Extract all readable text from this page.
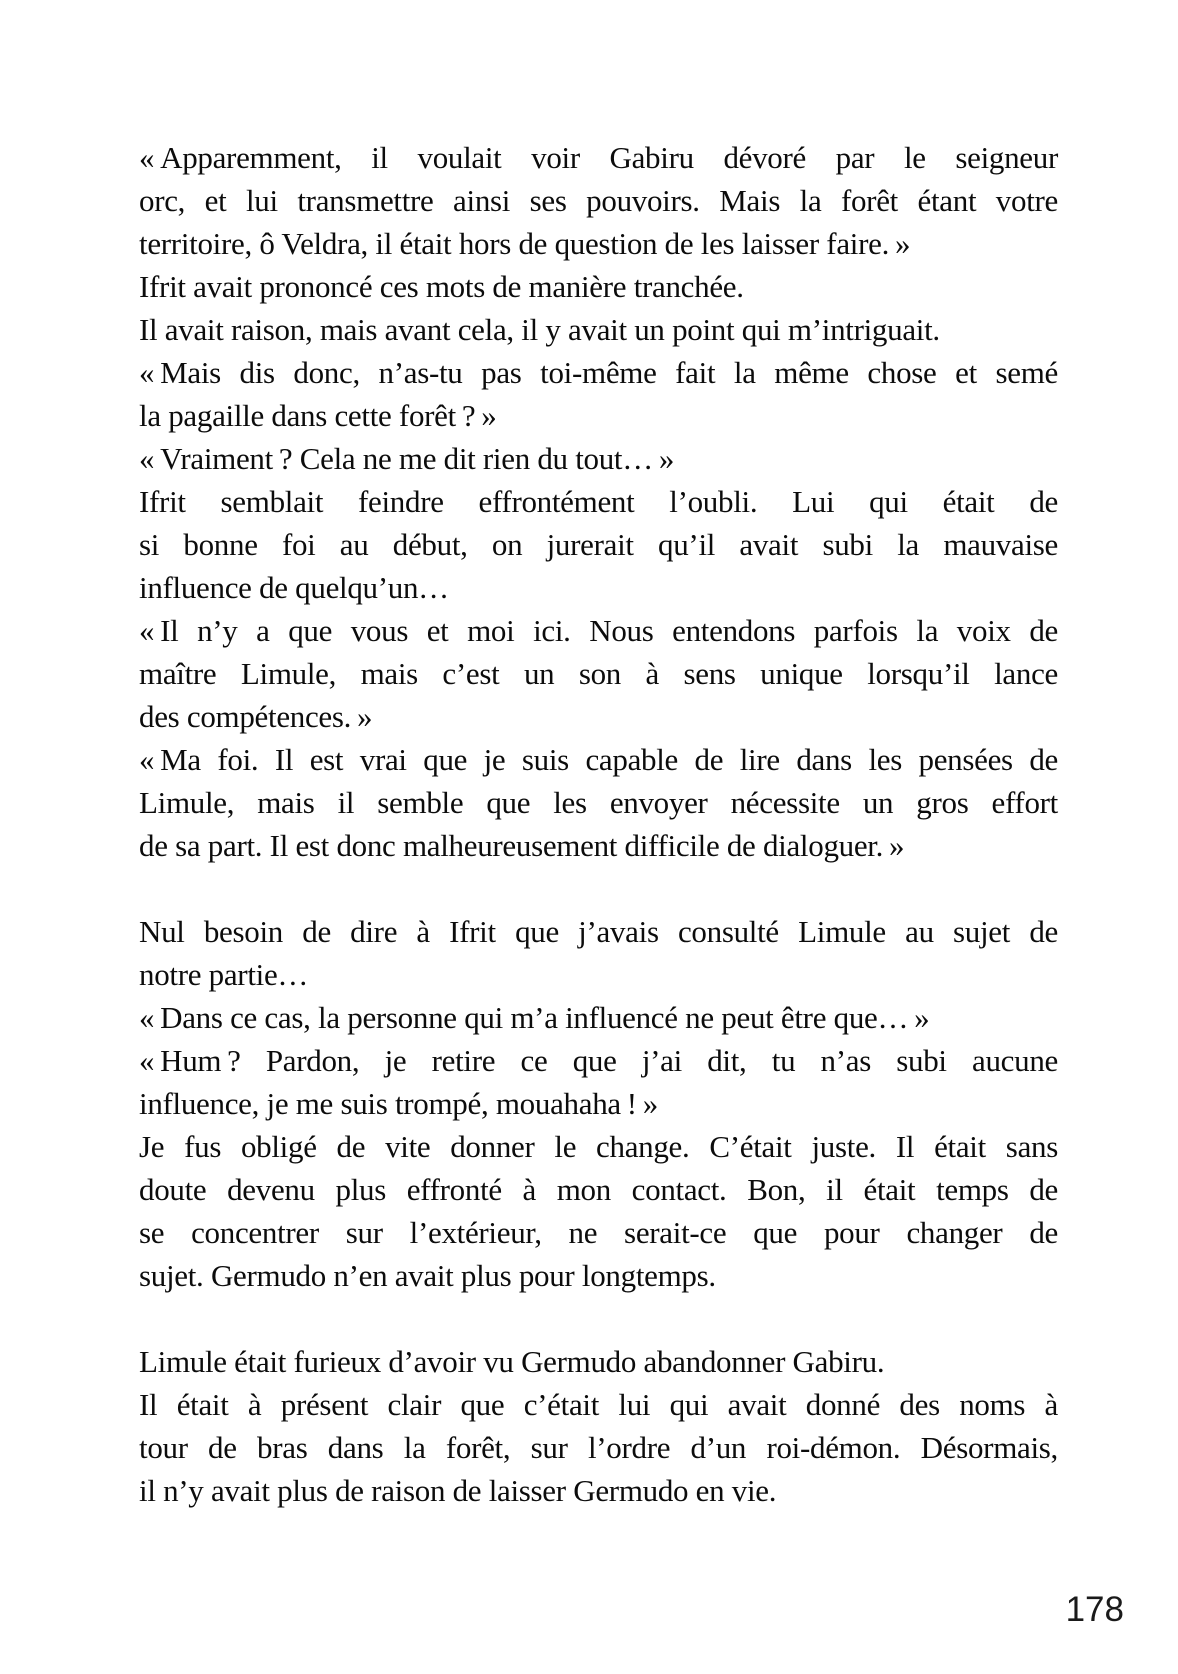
« Apparemment, il voulait voir Gabiru dévoré par le seigneur
orc, et lui transmettre ainsi ses pouvoirs. Mais la forêt étant votre
territoire, ô Veldra, il était hors de question de les laisser faire. »

Ifrit avait prononcé ces mots de manière tranchée.

Il avait raison, mais avant cela, il y avait un point qui m’intriguait.

« Mais dis donc, n’as-tu pas toi-même fait la même chose et semé
la pagaille dans cette forêt ? »

« Vraiment ? Cela ne me dit rien du tout… »

Ifrit semblait feindre effrontément l’oubli. Lui qui était de
si bonne foi au début, on jurerait qu’il avait subi la mauvaise
influence de quelqu’un…

« Il n’y a que vous et moi ici. Nous entendons parfois la voix de
maître Limule, mais c’est un son à sens unique lorsqu’il lance
des compétences. »

« Ma foi. Il est vrai que je suis capable de lire dans les pensées de
Limule, mais il semble que les envoyer nécessite un gros effort
de sa part. Il est donc malheureusement difficile de dialoguer. »

Nul besoin de dire à Ifrit que j’avais consulté Limule au sujet de
notre partie…

« Dans ce cas, la personne qui m’a influencé ne peut être que… »

« Hum ? Pardon, je retire ce que j’ai dit, tu n’as subi aucune
influence, je me suis trompé, mouahaha ! »

Je fus obligé de vite donner le change. C’était juste. Il était sans
doute devenu plus effronté à mon contact. Bon, il était temps de
se concentrer sur l’extérieur, ne serait-ce que pour changer de
sujet. Germudo n’en avait plus pour longtemps.

Limule était furieux d’avoir vu Germudo abandonner Gabiru.

Il était à présent clair que c’était lui qui avait donné des noms à
tour de bras dans la forêt, sur l’ordre d’un roi-démon. Désormais,
il n’y avait plus de raison de laisser Germudo en vie.

178
